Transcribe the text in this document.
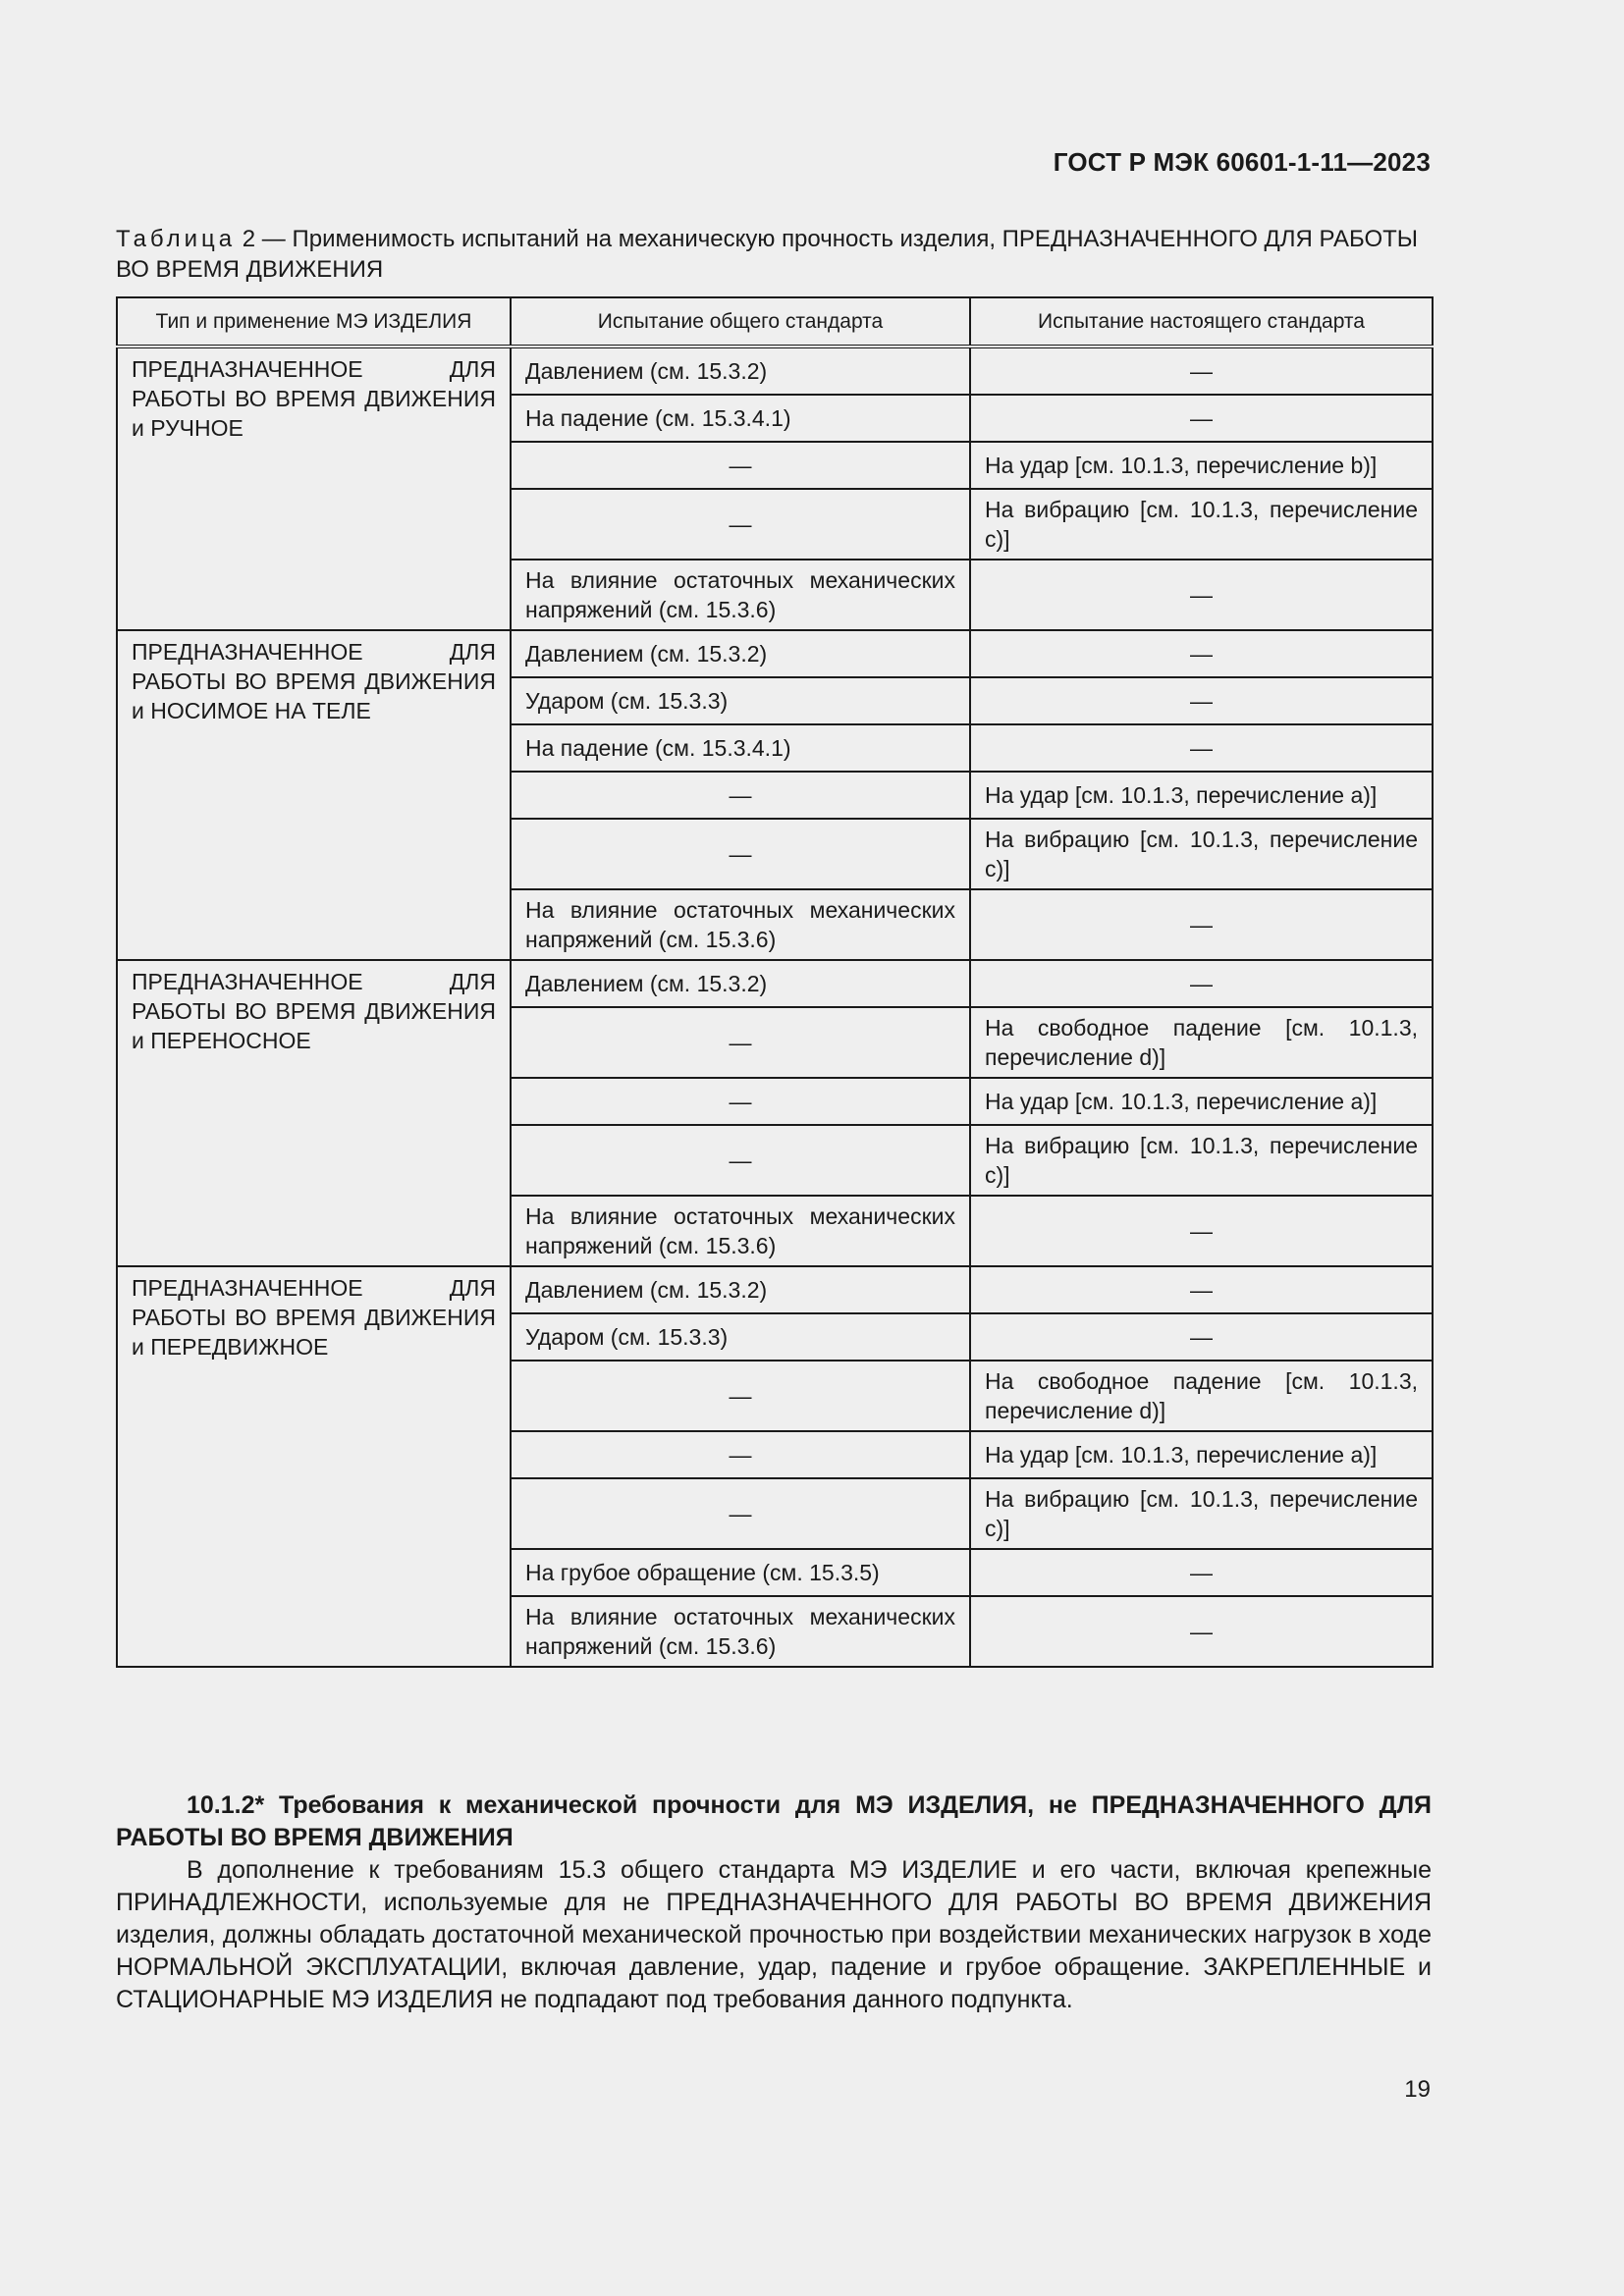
ГОСТ Р МЭК 60601-1-11—2023
Таблица 2 — Применимость испытаний на механическую прочность изделия, ПРЕДНАЗНАЧЕННОГО ДЛЯ РАБОТЫ ВО ВРЕМЯ ДВИЖЕНИЯ
Тип и применение МЭ ИЗДЕЛИЯ	Испытание общего стандарта	Испытание настоящего стандарта
ПРЕДНАЗНАЧЕННОЕ ДЛЯ РАБОТЫ ВО ВРЕМЯ ДВИЖЕНИЯ и РУЧНОЕ	Давлением (см. 15.3.2)	—
	На падение (см. 15.3.4.1)	—
	—	На удар [см. 10.1.3, перечисление b)]
	—	На вибрацию [см. 10.1.3, перечисление c)]
	На влияние остаточных механических напряжений (см. 15.3.6)	—
ПРЕДНАЗНАЧЕННОЕ ДЛЯ РАБОТЫ ВО ВРЕМЯ ДВИЖЕНИЯ и НОСИМОЕ НА ТЕЛЕ	Давлением (см. 15.3.2)	—
	Ударом (см. 15.3.3)	—
	На падение (см. 15.3.4.1)	—
	—	На удар [см. 10.1.3, перечисление a)]
	—	На вибрацию [см. 10.1.3, перечисление c)]
	На влияние остаточных механических напряжений (см. 15.3.6)	—
ПРЕДНАЗНАЧЕННОЕ ДЛЯ РАБОТЫ ВО ВРЕМЯ ДВИЖЕНИЯ и ПЕРЕНОСНОЕ	Давлением (см. 15.3.2)	—
	—	На свободное падение [см. 10.1.3, перечисление d)]
	—	На удар [см. 10.1.3, перечисление a)]
	—	На вибрацию [см. 10.1.3, перечисление c)]
	На влияние остаточных механических напряжений (см. 15.3.6)	—
ПРЕДНАЗНАЧЕННОЕ ДЛЯ РАБОТЫ ВО ВРЕМЯ ДВИЖЕНИЯ и ПЕРЕДВИЖНОЕ	Давлением (см. 15.3.2)	—
	Ударом (см. 15.3.3)	—
	—	На свободное падение [см. 10.1.3, перечисление d)]
	—	На удар [см. 10.1.3, перечисление a)]
	—	На вибрацию [см. 10.1.3, перечисление c)]
	На грубое обращение (см. 15.3.5)	—
	На влияние остаточных механических напряжений (см. 15.3.6)	—

10.1.2* Требования к механической прочности для МЭ ИЗДЕЛИЯ, не ПРЕДНАЗНАЧЕННОГО ДЛЯ РАБОТЫ ВО ВРЕМЯ ДВИЖЕНИЯ

В дополнение к требованиям 15.3 общего стандарта МЭ ИЗДЕЛИЕ и его части, включая крепежные ПРИНАДЛЕЖНОСТИ, используемые для не ПРЕДНАЗНАЧЕННОГО ДЛЯ РАБОТЫ ВО ВРЕМЯ ДВИЖЕНИЯ изделия, должны обладать достаточной механической прочностью при воздействии механических нагрузок в ходе НОРМАЛЬНОЙ ЭКСПЛУАТАЦИИ, включая давление, удар, падение и грубое обращение. ЗАКРЕПЛЕННЫЕ и СТАЦИОНАРНЫЕ МЭ ИЗДЕЛИЯ не подпадают под требования данного подпункта.

19
